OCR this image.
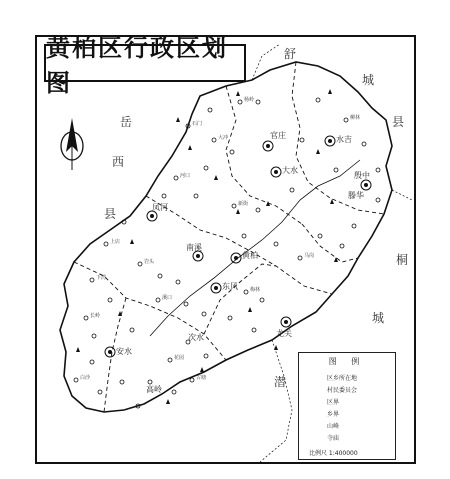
黄柏区行政区划图
舒
城
县
岳
西
县
桐
城
潜
水吉
官庄
大水
滕华
殷中
东风
黄柏
南溪
凤河
安水
龙关
次水
高岭
杨岭
石门
大冲
河口
新街
马岗
柳林
上店
下湾
长岭
白沙
岩头
溪口
梅林
花园
古塘
图 例
区乡所在地
村民委员会
区界
乡界
山峰
寺庙
比例尺 1:400000
